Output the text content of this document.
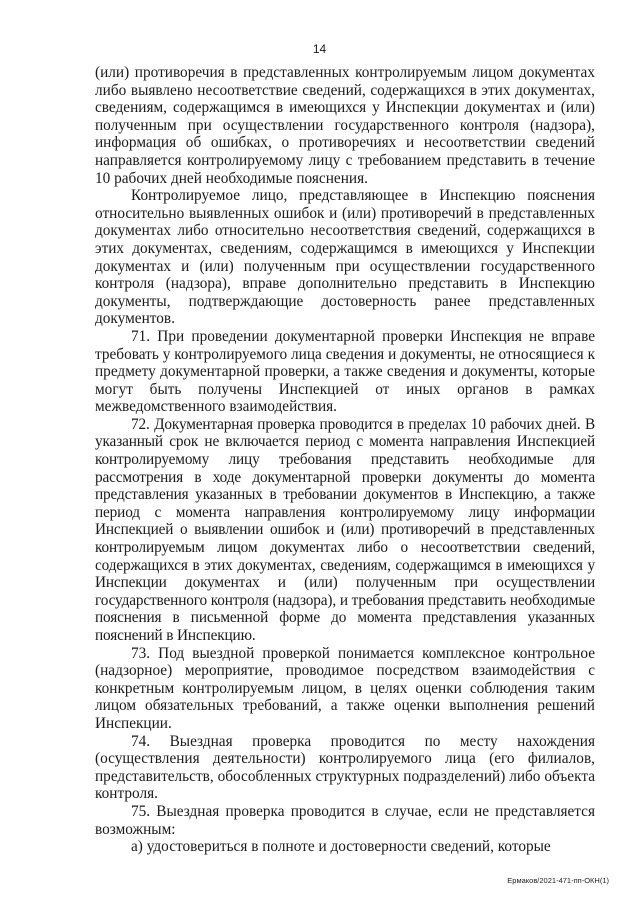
14

(или) противоречия в представленных контролируемым лицом документах либо выявлено несоответствие сведений, содержащихся в этих документах, сведениям, содержащимся в имеющихся у Инспекции документах и (или) полученным при осуществлении государственного контроля (надзора), информация об ошибках, о противоречиях и несоответствии сведений направляется контролируемому лицу с требованием представить в течение 10 рабочих дней необходимые пояснения.

Контролируемое лицо, представляющее в Инспекцию пояснения относительно выявленных ошибок и (или) противоречий в представленных документах либо относительно несоответствия сведений, содержащихся в этих документах, сведениям, содержащимся в имеющихся у Инспекции документах и (или) полученным при осуществлении государственного контроля (надзора), вправе дополнительно представить в Инспекцию документы, подтверждающие достоверность ранее представленных документов.

71. При проведении документарной проверки Инспекция не вправе требовать у контролируемого лица сведения и документы, не относящиеся к предмету документарной проверки, а также сведения и документы, которые могут быть получены Инспекцией от иных органов в рамках межведомственного взаимодействия.

72. Документарная проверка проводится в пределах 10 рабочих дней. В указанный срок не включается период с момента направления Инспекцией контролируемому лицу требования представить необходимые для рассмотрения в ходе документарной проверки документы до момента представления указанных в требовании документов в Инспекцию, а также период с момента направления контролируемому лицу информации Инспекцией о выявлении ошибок и (или) противоречий в представленных контролируемым лицом документах либо о несоответствии сведений, содержащихся в этих документах, сведениям, содержащимся в имеющихся у Инспекции документах и (или) полученным при осуществлении государственного контроля (надзора), и требования представить необходимые пояснения в письменной форме до момента представления указанных пояснений в Инспекцию.

73. Под выездной проверкой понимается комплексное контрольное (надзорное) мероприятие, проводимое посредством взаимодействия с конкретным контролируемым лицом, в целях оценки соблюдения таким лицом обязательных требований, а также оценки выполнения решений Инспекции.

74. Выездная проверка проводится по месту нахождения (осуществления деятельности) контролируемого лица (его филиалов, представительств, обособленных структурных подразделений) либо объекта контроля.

75. Выездная проверка проводится в случае, если не представляется возможным:

а) удостовериться в полноте и достоверности сведений, которые

Ермаков/2021-471-пп-ОКН(1)
